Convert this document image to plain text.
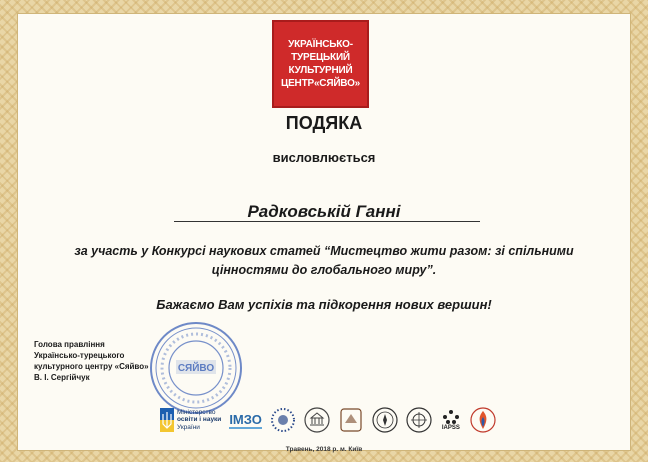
УКРАЇНСЬКО-
ТУРЕЦЬКИЙ
КУЛЬТУРНИЙ
ЦЕНТР«СЯЙВО»
ПОДЯКА
висловлюється
Радковській Ганні
за участь у Конкурсі наукових статей “Мистецтво жити разом: зі спільними
цінностями до глобального миру”.
Бажаємо Вам успіхів та підкорення нових вершин!
Голова правління
Українсько-турецького
культурного центру «Сяйво»
В. І. Сергійчук
СЯЙВО
Міністерство
освіти і науки
України
ІМЗО
IAPSS
Травень, 2018 р. м. Київ
